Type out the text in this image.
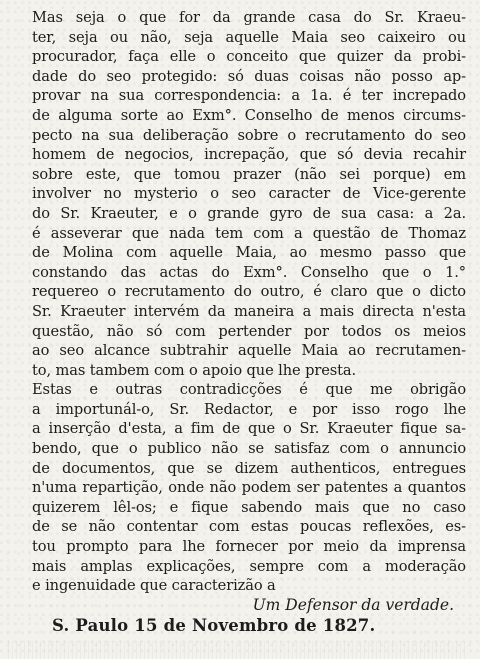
Mas seja o que for da grande casa do Sr. Kraeu-
ter, seja ou não, seja aquelle Maia seo caixeiro ou
procurador, faça elle o conceito que quizer da probi-
dade do seo protegido: só duas coisas não posso ap-
provar na sua correspondencia: a 1a. é ter increpado
de alguma sorte ao Exm°. Conselho de menos circums-
pecto na sua deliberação sobre o recrutamento do seo
homem de negocios, increpação, que só devia recahir
sobre este, que tomou prazer (não sei porque) em
involver no mysterio o seo caracter de Vice-gerente
do Sr. Kraeuter, e o grande gyro de sua casa: a 2a.
é asseverar que nada tem com a questão de Thomaz
de Molina com aquelle Maia, ao mesmo passo que
constando das actas do Exm°. Conselho que o 1.°
requereo o recrutamento do outro, é claro que o dicto
Sr. Kraeuter intervém da maneira a mais directa n'esta
questão, não só com pertender por todos os meios
ao seo alcance subtrahir aquelle Maia ao recrutamen-
to, mas tambem com o apoio que lhe presta.
Estas e outras contradicções é que me obrigão
a importunál-o, Sr. Redactor, e por isso rogo lhe
a inserção d'esta, a fim de que o Sr. Kraeuter fique sa-
bendo, que o publico não se satisfaz com o annuncio
de documentos, que se dizem authenticos, entregues
n'uma repartição, onde não podem ser patentes a quantos
quizerem lêl-os; e fique sabendo mais que no caso
de se não contentar com estas poucas reflexões, es-
tou prompto para lhe fornecer por meio da imprensa
mais amplas explicações, sempre com a moderação
e ingenuidade que caracterizão a

Um Defensor da verdade.

S. Paulo 15 de Novembro de 1827.
